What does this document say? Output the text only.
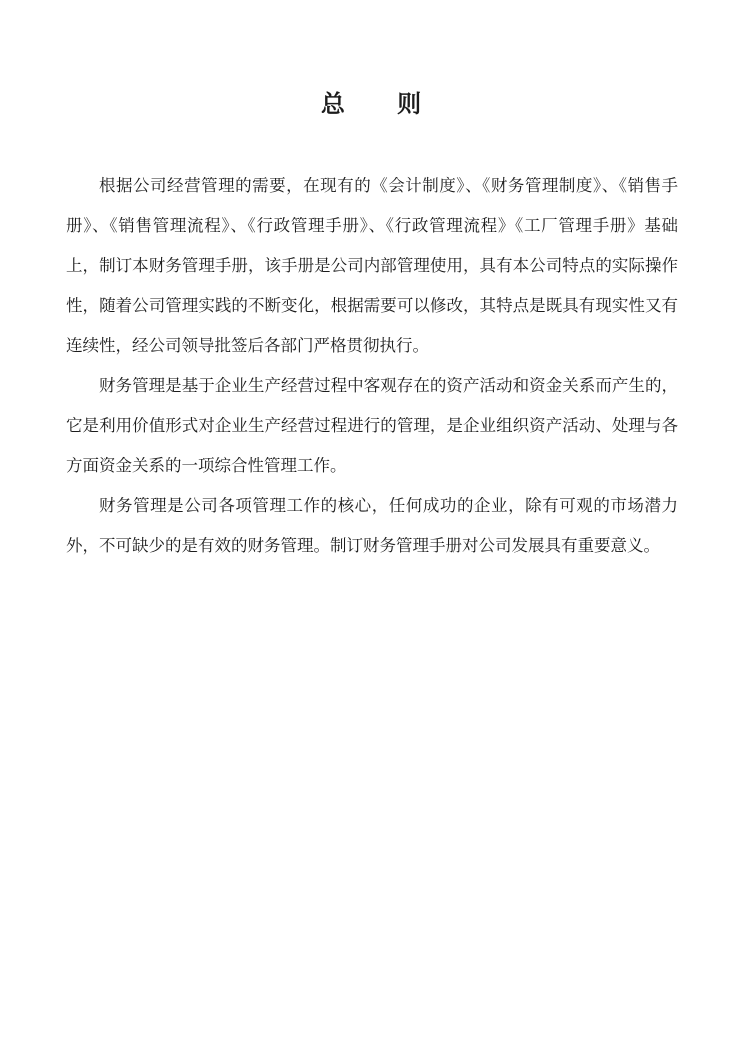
总 则

根据公司经营管理的需要，在现有的《会计制度》、《财务管理制度》、《销售手册》、《销售管理流程》、《行政管理手册》、《行政管理流程》《工厂管理手册》基础上，制订本财务管理手册，该手册是公司内部管理使用，具有本公司特点的实际操作性，随着公司管理实践的不断变化，根据需要可以修改，其特点是既具有现实性又有连续性，经公司领导批签后各部门严格贯彻执行。

财务管理是基于企业生产经营过程中客观存在的资产活动和资金关系而产生的，它是利用价值形式对企业生产经营过程进行的管理，是企业组织资产活动、处理与各方面资金关系的一项综合性管理工作。

财务管理是公司各项管理工作的核心，任何成功的企业，除有可观的市场潜力外，不可缺少的是有效的财务管理。制订财务管理手册对公司发展具有重要意义。
